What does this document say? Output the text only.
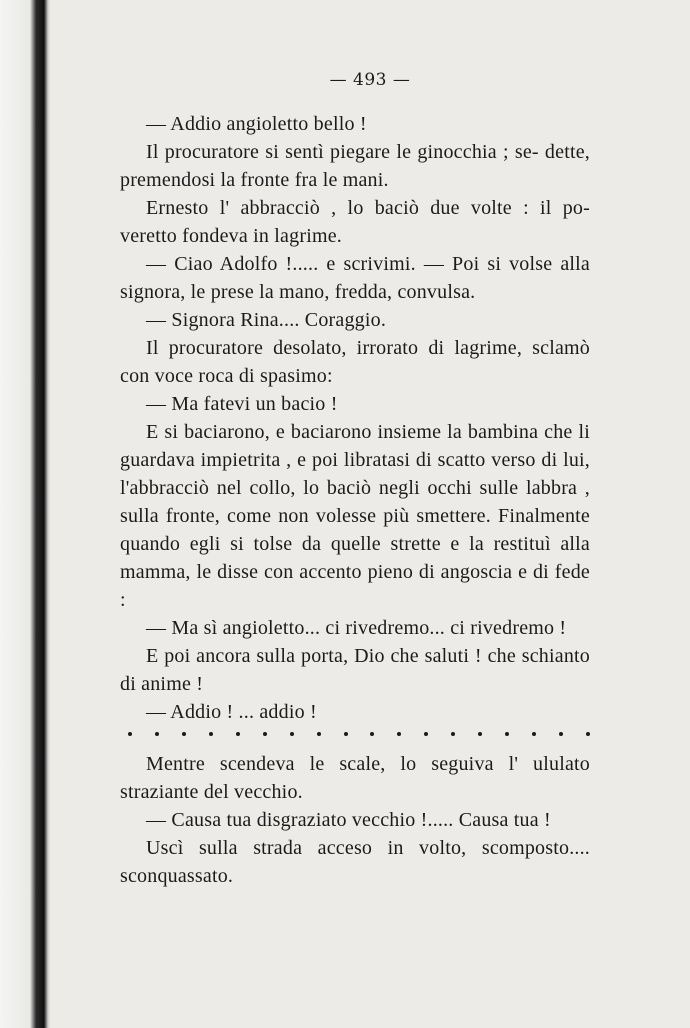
— 493 —

— Addio angioletto bello !

Il procuratore si sentì piegare le ginocchia ; se- dette, premendosi la fronte fra le mani.

Ernesto l' abbracciò , lo baciò due volte : il po- veretto fondeva in lagrime.

— Ciao Adolfo !..... e scrivimi. — Poi si volse alla signora, le prese la mano, fredda, convulsa.

— Signora Rina.... Coraggio.

Il procuratore desolato, irrorato di lagrime, sclamò con voce roca di spasimo:

— Ma fatevi un bacio !

E si baciarono, e baciarono insieme la bambina che li guardava impietrita , e poi libratasi di scatto verso di lui, l'abbracciò nel collo, lo baciò negli occhi sulle labbra , sulla fronte, come non volesse più smettere. Finalmente quando egli si tolse da quelle strette e la restituì alla mamma, le disse con accento pieno di angoscia e di fede :

— Ma sì angioletto... ci rivedremo... ci rivedremo !

E poi ancora sulla porta, Dio che saluti ! che schianto di anime !

— Addio ! ... addio !

Mentre scendeva le scale, lo seguiva l' ululato straziante del vecchio.

— Causa tua disgraziato vecchio !..... Causa tua !

Uscì sulla strada acceso in volto, scomposto.... sconquassato.
